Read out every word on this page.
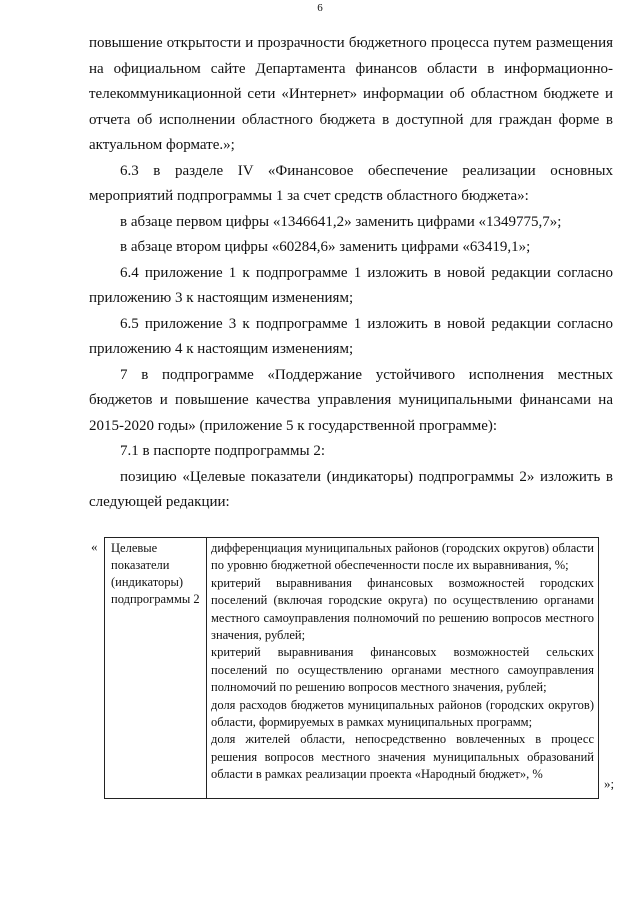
6

повышение открытости и прозрачности бюджетного процесса путем размещения на официальном сайте Департамента финансов области в информационно-телекоммуникационной сети «Интернет» информации об областном бюджете и отчета об исполнении областного бюджета в доступной для граждан форме в актуальном формате.»;

6.3 в разделе IV «Финансовое обеспечение реализации основных мероприятий подпрограммы 1 за счет средств областного бюджета»:

в абзаце первом цифры «1346641,2» заменить цифрами «1349775,7»;

в абзаце втором цифры «60284,6» заменить цифрами «63419,1»;

6.4 приложение 1 к подпрограмме 1 изложить в новой редакции согласно приложению 3 к настоящим изменениям;

6.5 приложение 3 к подпрограмме 1 изложить в новой редакции согласно приложению 4 к настоящим изменениям;

7 в подпрограмме «Поддержание устойчивого исполнения местных бюджетов и повышение качества управления муниципальными финансами на 2015-2020 годы» (приложение 5 к государственной программе):

7.1 в паспорте подпрограммы 2:

позицию «Целевые показатели (индикаторы) подпрограммы 2» изложить в следующей редакции:

«	Целевые показатели (индикаторы) подпрограммы 2
дифференциация муниципальных районов (городских округов) области по уровню бюджетной обеспеченности после их выравнивания, %;
критерий выравнивания финансовых возможностей городских поселений (включая городские округа) по осуществлению органами местного самоуправления полномочий по решению вопросов местного значения, рублей;
критерий выравнивания финансовых возможностей сельских поселений по осуществлению органами местного самоуправления полномочий по решению вопросов местного значения, рублей;
доля расходов бюджетов муниципальных районов (городских округов) области, формируемых в рамках муниципальных программ;
доля жителей области, непосредственно вовлеченных в процесс решения вопросов местного значения муниципальных образований области в рамках реализации проекта «Народный бюджет», %
»;
